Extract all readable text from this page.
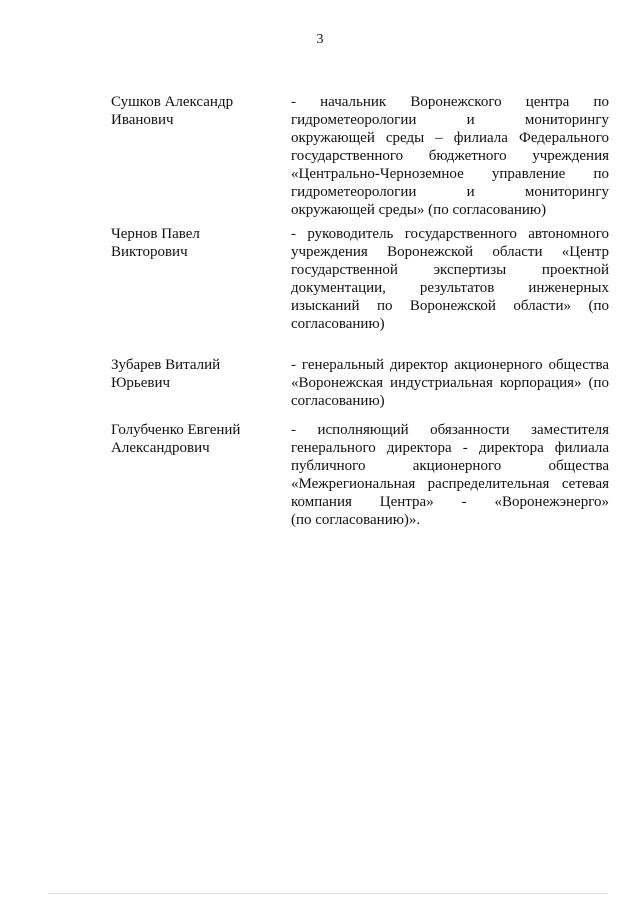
3
Сушков Александр
Иванович
- начальник Воронежского центра по
гидрометеорологии и мониторингу
окружающей среды – филиала Федерального
государственного бюджетного учреждения
«Центрально-Черноземное управление по
гидрометеорологии и мониторингу
окружающей среды» (по согласованию)
Чернов Павел
Викторович
- руководитель государственного автономного
учреждения Воронежской области «Центр
государственной экспертизы проектной
документации, результатов инженерных
изысканий по Воронежской области» (по
согласованию)
Зубарев Виталий
Юрьевич
- генеральный директор акционерного общества
«Воронежская индустриальная корпорация» (по
согласованию)
Голубченко Евгений
Александрович
- исполняющий обязанности заместителя
генерального директора - директора филиала
публичного акционерного общества
«Межрегиональная распределительная сетевая
компания Центра» - «Воронежэнерго»
(по согласованию)».
